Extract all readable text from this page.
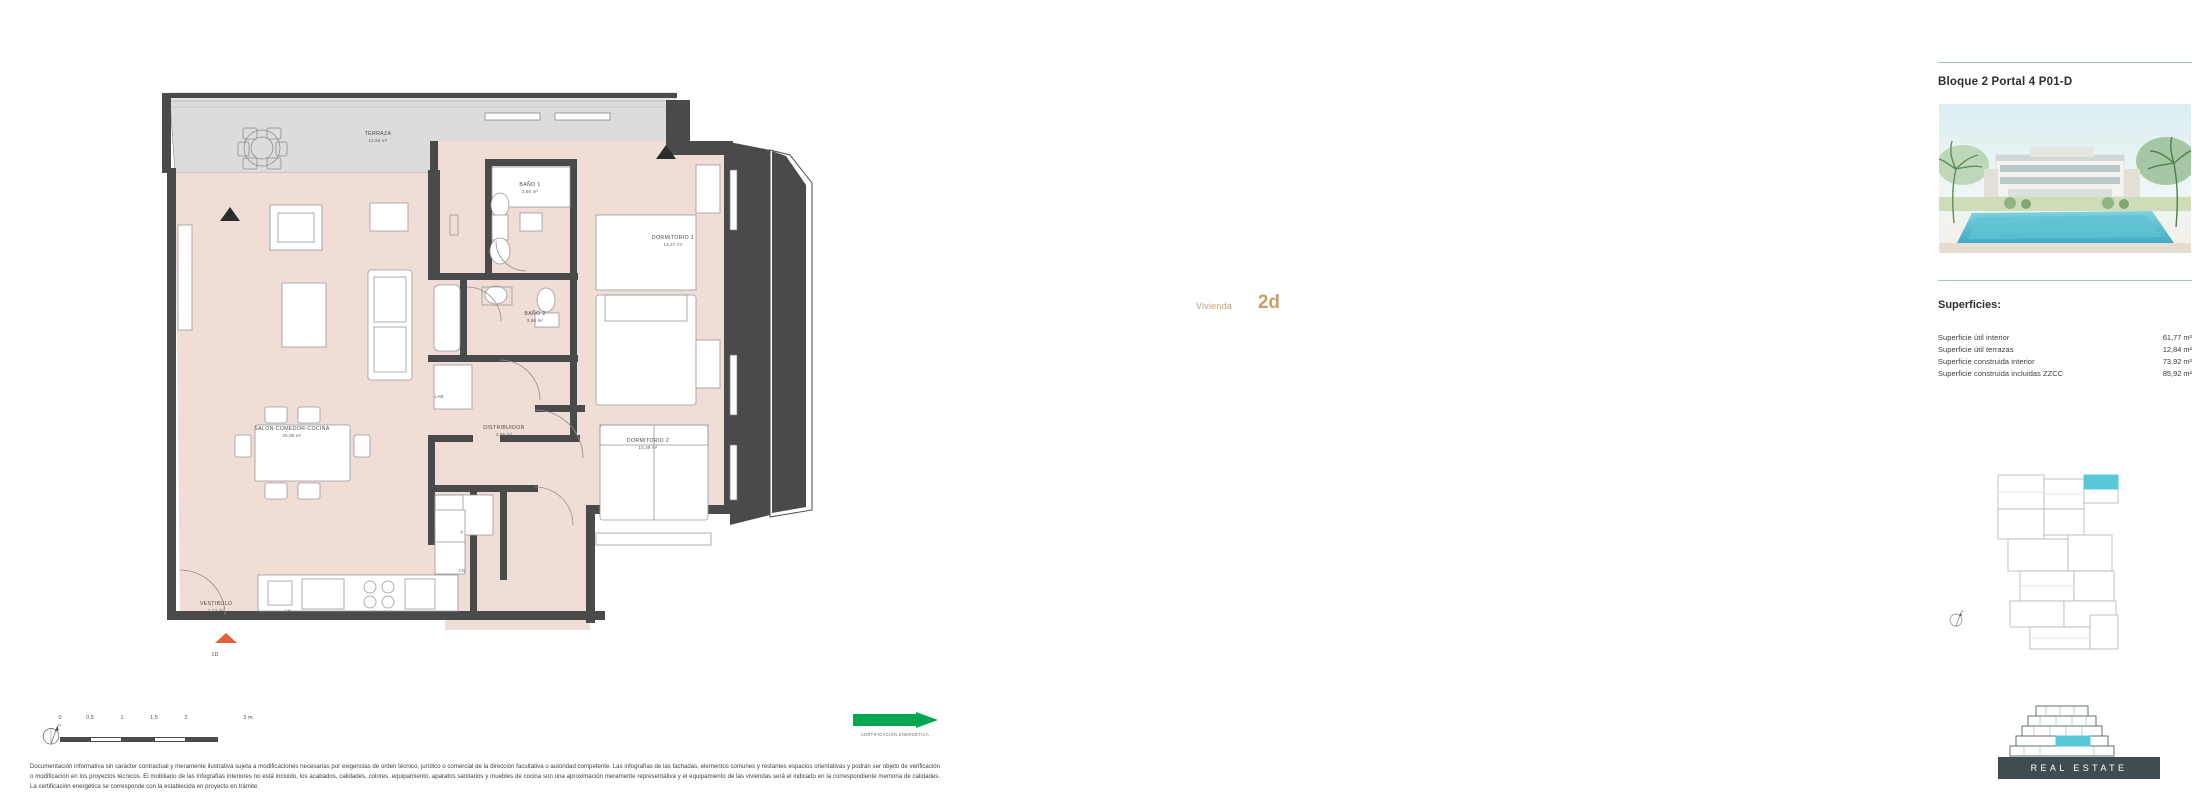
TERRAZA
12,84 m²
BAÑO 1
3,66 m²
DORMITORIO 1
13,47 m²
BAÑO 2
3,66 m²
SALON-COMEDOR-COCINA
26,95 m²
DISTRIBUIDOR
4,55 m²
DORMITORIO 2
10,39 m²
VESTIBULO
1,13 m²
LAB
F
CN
LV
1D
N
0	0,5	1	1,5	2	3 m
CERTIFICACIÓN ENERGÉTICA
Documentación informativa sin carácter contractual y meramente ilustrativa sujeta a modificaciones necesarias por exigencias de orden técnico, jurídico o comercial de la dirección facultativa o autoridad competente. Las infografías de las fachadas, elementos comunes y restantes espacios orientativas y podrán ser objeto de verificación o modificación en los proyectos técnicos. El mobiliario de las infografías interiores no está incluido, los acabados, calidades, colores, equipamiento, aparatos sanitarios y muebles de cocina son una aproximación meramente representativa y el equipamiento de las viviendas será el indicado en la correspondiente memoria de calidades. La certificación energética se corresponde con la establecida en proyecto en trámite.
Bloque 2 Portal 4 P01-D
Superficies:
Vivienda	2d
Superficie útil interior	61,77 m²
Superficie útil terrazas	12,84 m²
Superficie construida interior	73,92 m²
Superficie construida incluidas ZZCC	85,92 m²
N
REAL ESTATE
